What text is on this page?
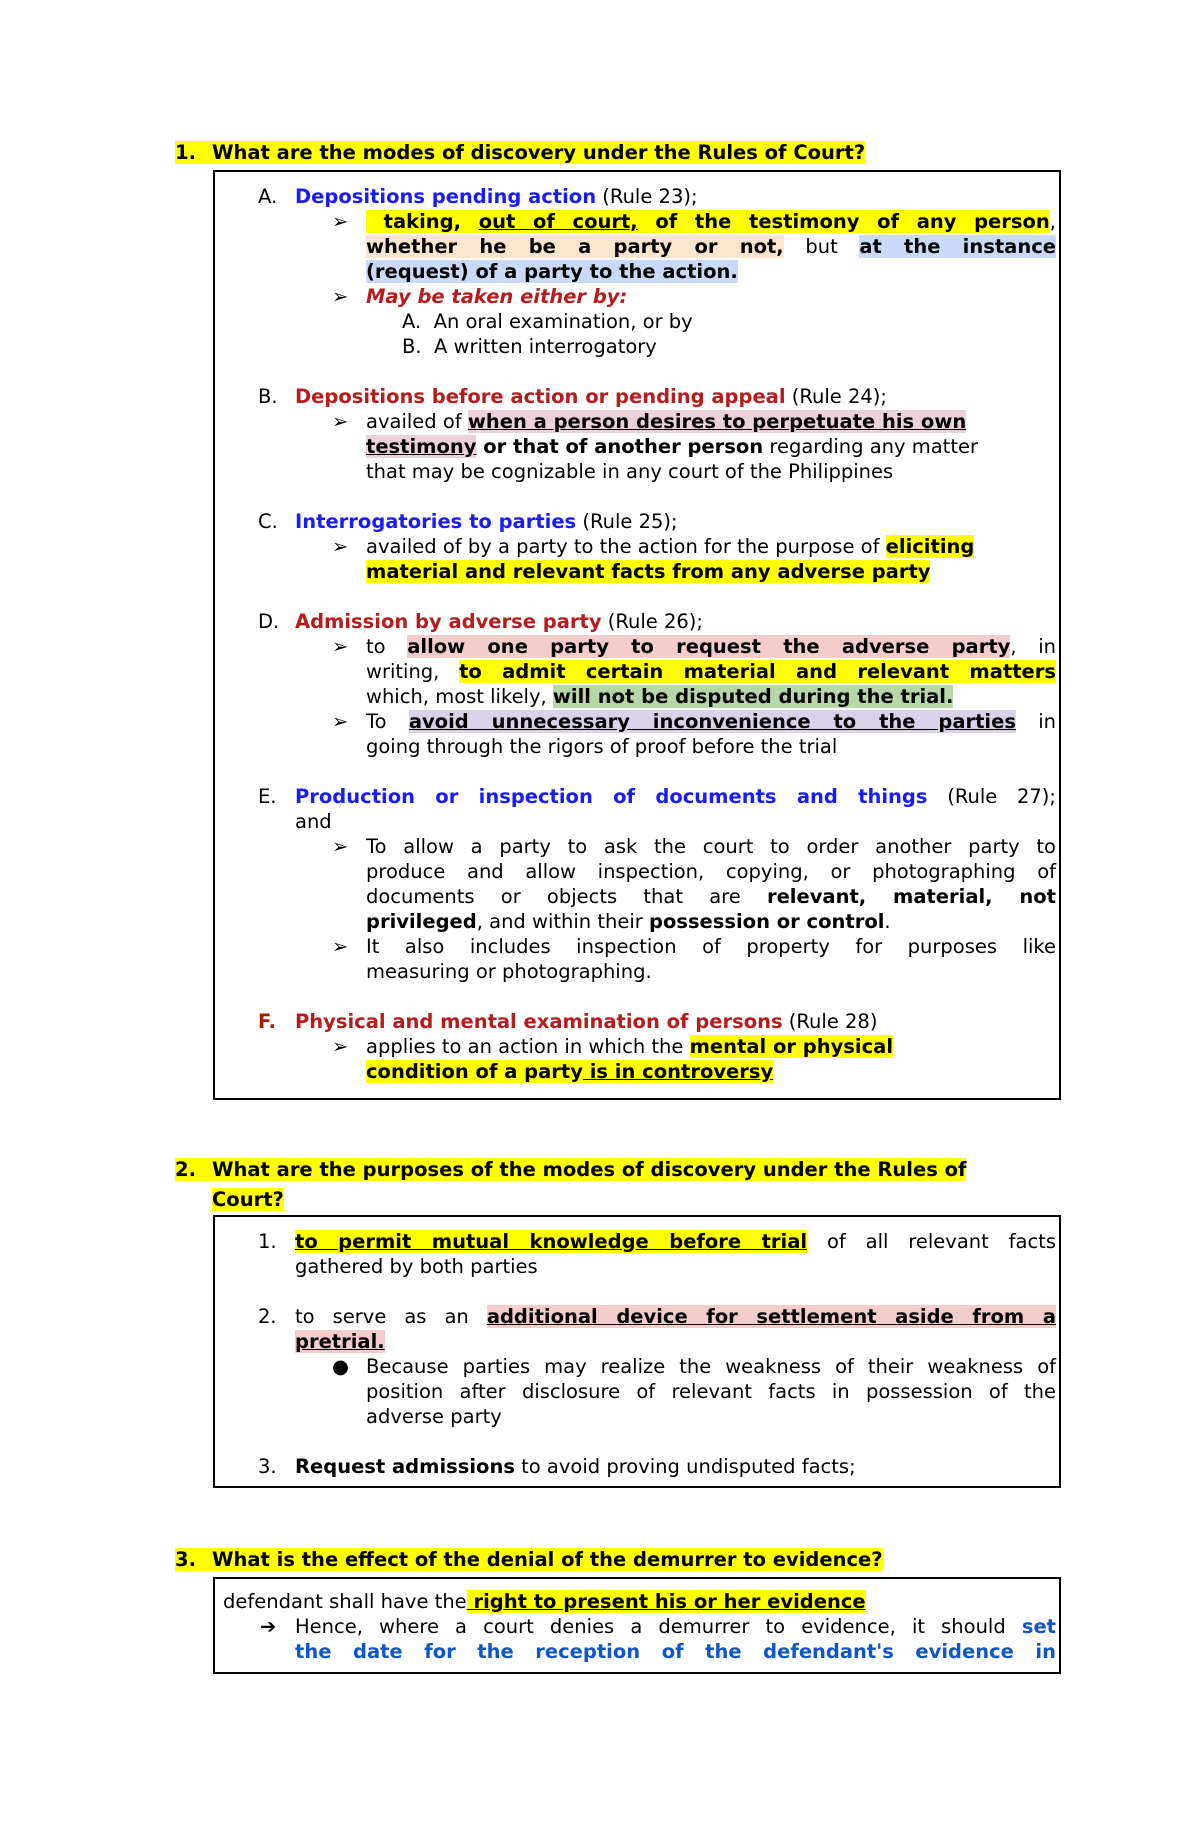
1. What are the modes of discovery under the Rules of Court?
A. Depositions pending action (Rule 23);
➢	taking, out of court, of the testimony of any person,
whether he be a party or not, but at the instance
(request) of a party to the action.
➢ May be taken either by:
A. An oral examination, or by
B. A written interrogatory
B. Depositions before action or pending appeal (Rule 24);
➢ availed of when a person desires to perpetuate his own
testimony or that of another person regarding any matter
that may be cognizable in any court of the Philippines
C. Interrogatories to parties (Rule 25);
➢ availed of by a party to the action for the purpose of eliciting
material and relevant facts from any adverse party
D. Admission by adverse party (Rule 26);
➢ to allow one party to request the adverse party, in
writing, to admit certain material and relevant matters
which, most likely, will not be disputed during the trial.
➢ To avoid unnecessary inconvenience to the parties in
going through the rigors of proof before the trial
E. Production or inspection of documents and things (Rule 27);
and
➢ To allow a party to ask the court to order another party to
produce and allow inspection, copying, or photographing of
documents or objects that are relevant, material, not
privileged, and within their possession or control.
➢ It also includes inspection of property for purposes like
measuring or photographing.
F. Physical and mental examination of persons (Rule 28)
➢ applies to an action in which the mental or physical
condition of a party is in controversy
2. What are the purposes of the modes of discovery under the Rules of
Court?
1. to permit mutual knowledge before trial of all relevant facts
gathered by both parties
2. to serve as an additional device for settlement aside from a
pretrial.
● Because parties may realize the weakness of their weakness of
position after disclosure of relevant facts in possession of the
adverse party
3. Request admissions to avoid proving undisputed facts;
3. What is the effect of the denial of the demurrer to evidence?
defendant shall have the right to present his or her evidence
➔ Hence, where a court denies a demurrer to evidence, it should set
the date for the reception of the defendant's evidence in
